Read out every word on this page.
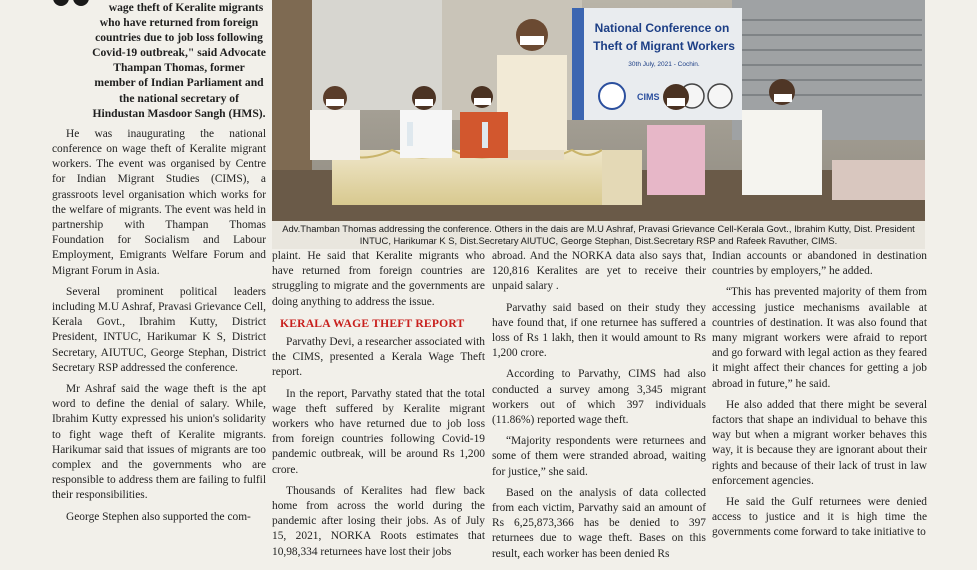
wage theft of Keralite migrants who have returned from foreign countries due to job loss following Covid-19 outbreak," said Advocate Thampan Thomas, former member of Indian Parliament and the national secretary of Hindustan Masdoor Sangh (HMS).

He was inaugurating the national conference on wage theft of Keralite migrant workers. The event was organised by Centre for Indian Migrant Studies (CIMS), a grassroots level organisation which works for the welfare of migrants. The event was held in partnership with Thampan Thomas Foundation for Socialism and Labour Employment, Emigrants Welfare Forum and Migrant Forum in Asia.

Several prominent political leaders including M.U Ashraf, Pravasi Grievance Cell, Kerala Govt., Ibrahim Kutty, District President, INTUC, Harikumar K S, District Secretary, AIUTUC, George Stephan, District Secretary RSP addressed the conference.

Mr Ashraf said the wage theft is the apt word to define the denial of salary. While, Ibrahim Kutty expressed his union's solidarity to fight wage theft of Keralite migrants. Harikumar said that issues of migrants are too complex and the governments who are responsible to address them are failing to fulfil their responsibilities.

George Stephen also supported the com-

National Conference on
Theft of Migrant Workers
30th July, 2021 - Cochin.
CIMS
Adv.Thamban Thomas addressing the conference. Others in the dais are M.U Ashraf, Pravasi Grievance Cell-Kerala Govt., Ibrahim Kutty, Dist. President INTUC, Harikumar K S, Dist.Secretary AIUTUC, George Stephan, Dist.Secretary RSP and Rafeek Ravuther, CIMS.

plaint. He said that Keralite migrants who have returned from foreign countries are struggling to migrate and the governments are doing anything to address the issue.

KERALA WAGE THEFT REPORT

Parvathy Devi, a researcher associated with the CIMS, presented a Kerala Wage Theft report.

In the report, Parvathy stated that the total wage theft suffered by Keralite migrant workers who have returned due to job loss from foreign countries following Covid-19 pandemic outbreak, will be around Rs 1,200 crore.

Thousands of Keralites had flew back home from across the world during the pandemic after losing their jobs. As of July 15, 2021, NORKA Roots estimates that 10,98,334 returnees have lost their jobs

abroad. And the NORKA data also says that, 120,816 Keralites are yet to receive their unpaid salary .

Parvathy said based on their study they have found that, if one returnee has suffered a loss of Rs 1 lakh, then it would amount to Rs 1,200 crore.

According to Parvathy, CIMS had also conducted a survey among 3,345 migrant workers out of which 397 individuals (11.86%) reported wage theft.

“Majority respondents were returnees and some of them were stranded abroad, waiting for justice,” she said.

Based on the analysis of data collected from each victim, Parvathy said an amount of Rs 6,25,873,366 has be denied to 397 returnees due to wage theft. Bases on this result, each worker has been denied Rs

Indian accounts or abandoned in destination countries by employers,” he added.

“This has prevented majority of them from accessing justice mechanisms available at countries of destination. It was also found that many migrant workers were afraid to report and go forward with legal action as they feared it might affect their chances for getting a job abroad in future,” he said.

He also added that there might be several factors that shape an individual to behave this way but when a migrant worker behaves this way, it is because they are ignorant about their rights and because of their lack of trust in law enforcement agencies.

He said the Gulf returnees were denied access to justice and it is high time the governments come forward to take initiative to
